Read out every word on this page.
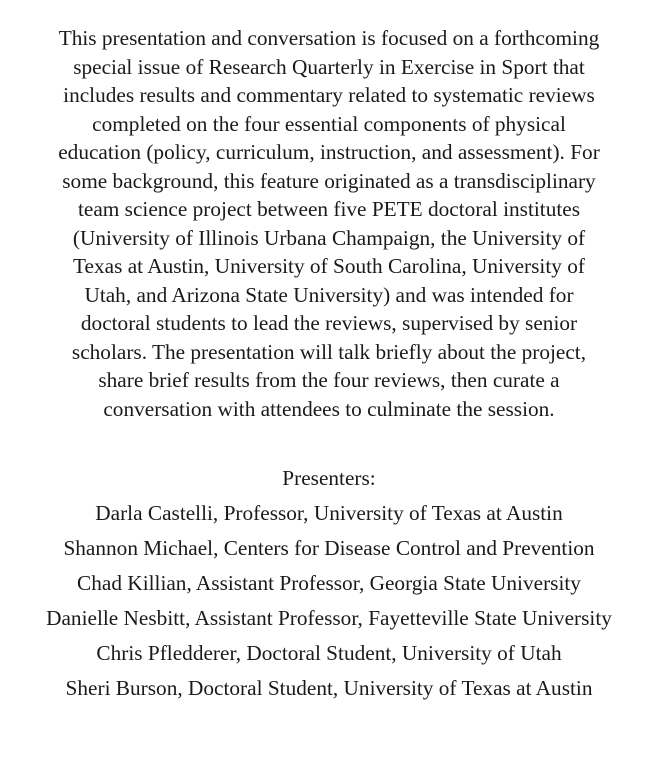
This presentation and conversation is focused on a forthcoming
special issue of Research Quarterly in Exercise in Sport that
includes results and commentary related to systematic reviews
completed on the four essential components of physical
education (policy, curriculum, instruction, and assessment). For
some background, this feature originated as a transdisciplinary
team science project between five PETE doctoral institutes
(University of Illinois Urbana Champaign, the University of
Texas at Austin, University of South Carolina, University of
Utah, and Arizona State University) and was intended for
doctoral students to lead the reviews, supervised by senior
scholars. The presentation will talk briefly about the project,
share brief results from the four reviews, then curate a
conversation with attendees to culminate the session.

Presenters:

Darla Castelli, Professor, University of Texas at Austin
Shannon Michael, Centers for Disease Control and Prevention
Chad Killian, Assistant Professor, Georgia State University
Danielle Nesbitt, Assistant Professor, Fayetteville State University
Chris Pfledderer, Doctoral Student, University of Utah
Sheri Burson, Doctoral Student, University of Texas at Austin
